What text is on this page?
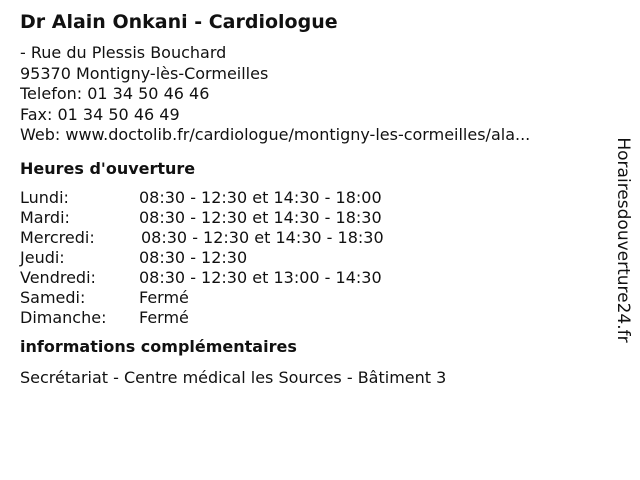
Dr Alain Onkani - Cardiologue
- Rue du Plessis Bouchard
95370 Montigny-lès-Cormeilles
Telefon: 01 34 50 46 46
Fax: 01 34 50 46 49
Web: www.doctolib.fr/cardiologue/montigny-les-cormeilles/ala...
Heures d'ouverture
Lundi:	08:30 - 12:30 et 14:30 - 18:00
Mardi:	08:30 - 12:30 et 14:30 - 18:30
Mercredi:	08:30 - 12:30 et 14:30 - 18:30
Jeudi:	08:30 - 12:30
Vendredi:	08:30 - 12:30 et 13:00 - 14:30
Samedi:	Fermé
Dimanche:	Fermé
informations complémentaires
Secrétariat - Centre médical les Sources - Bâtiment 3
Horairesdouverture24.fr
